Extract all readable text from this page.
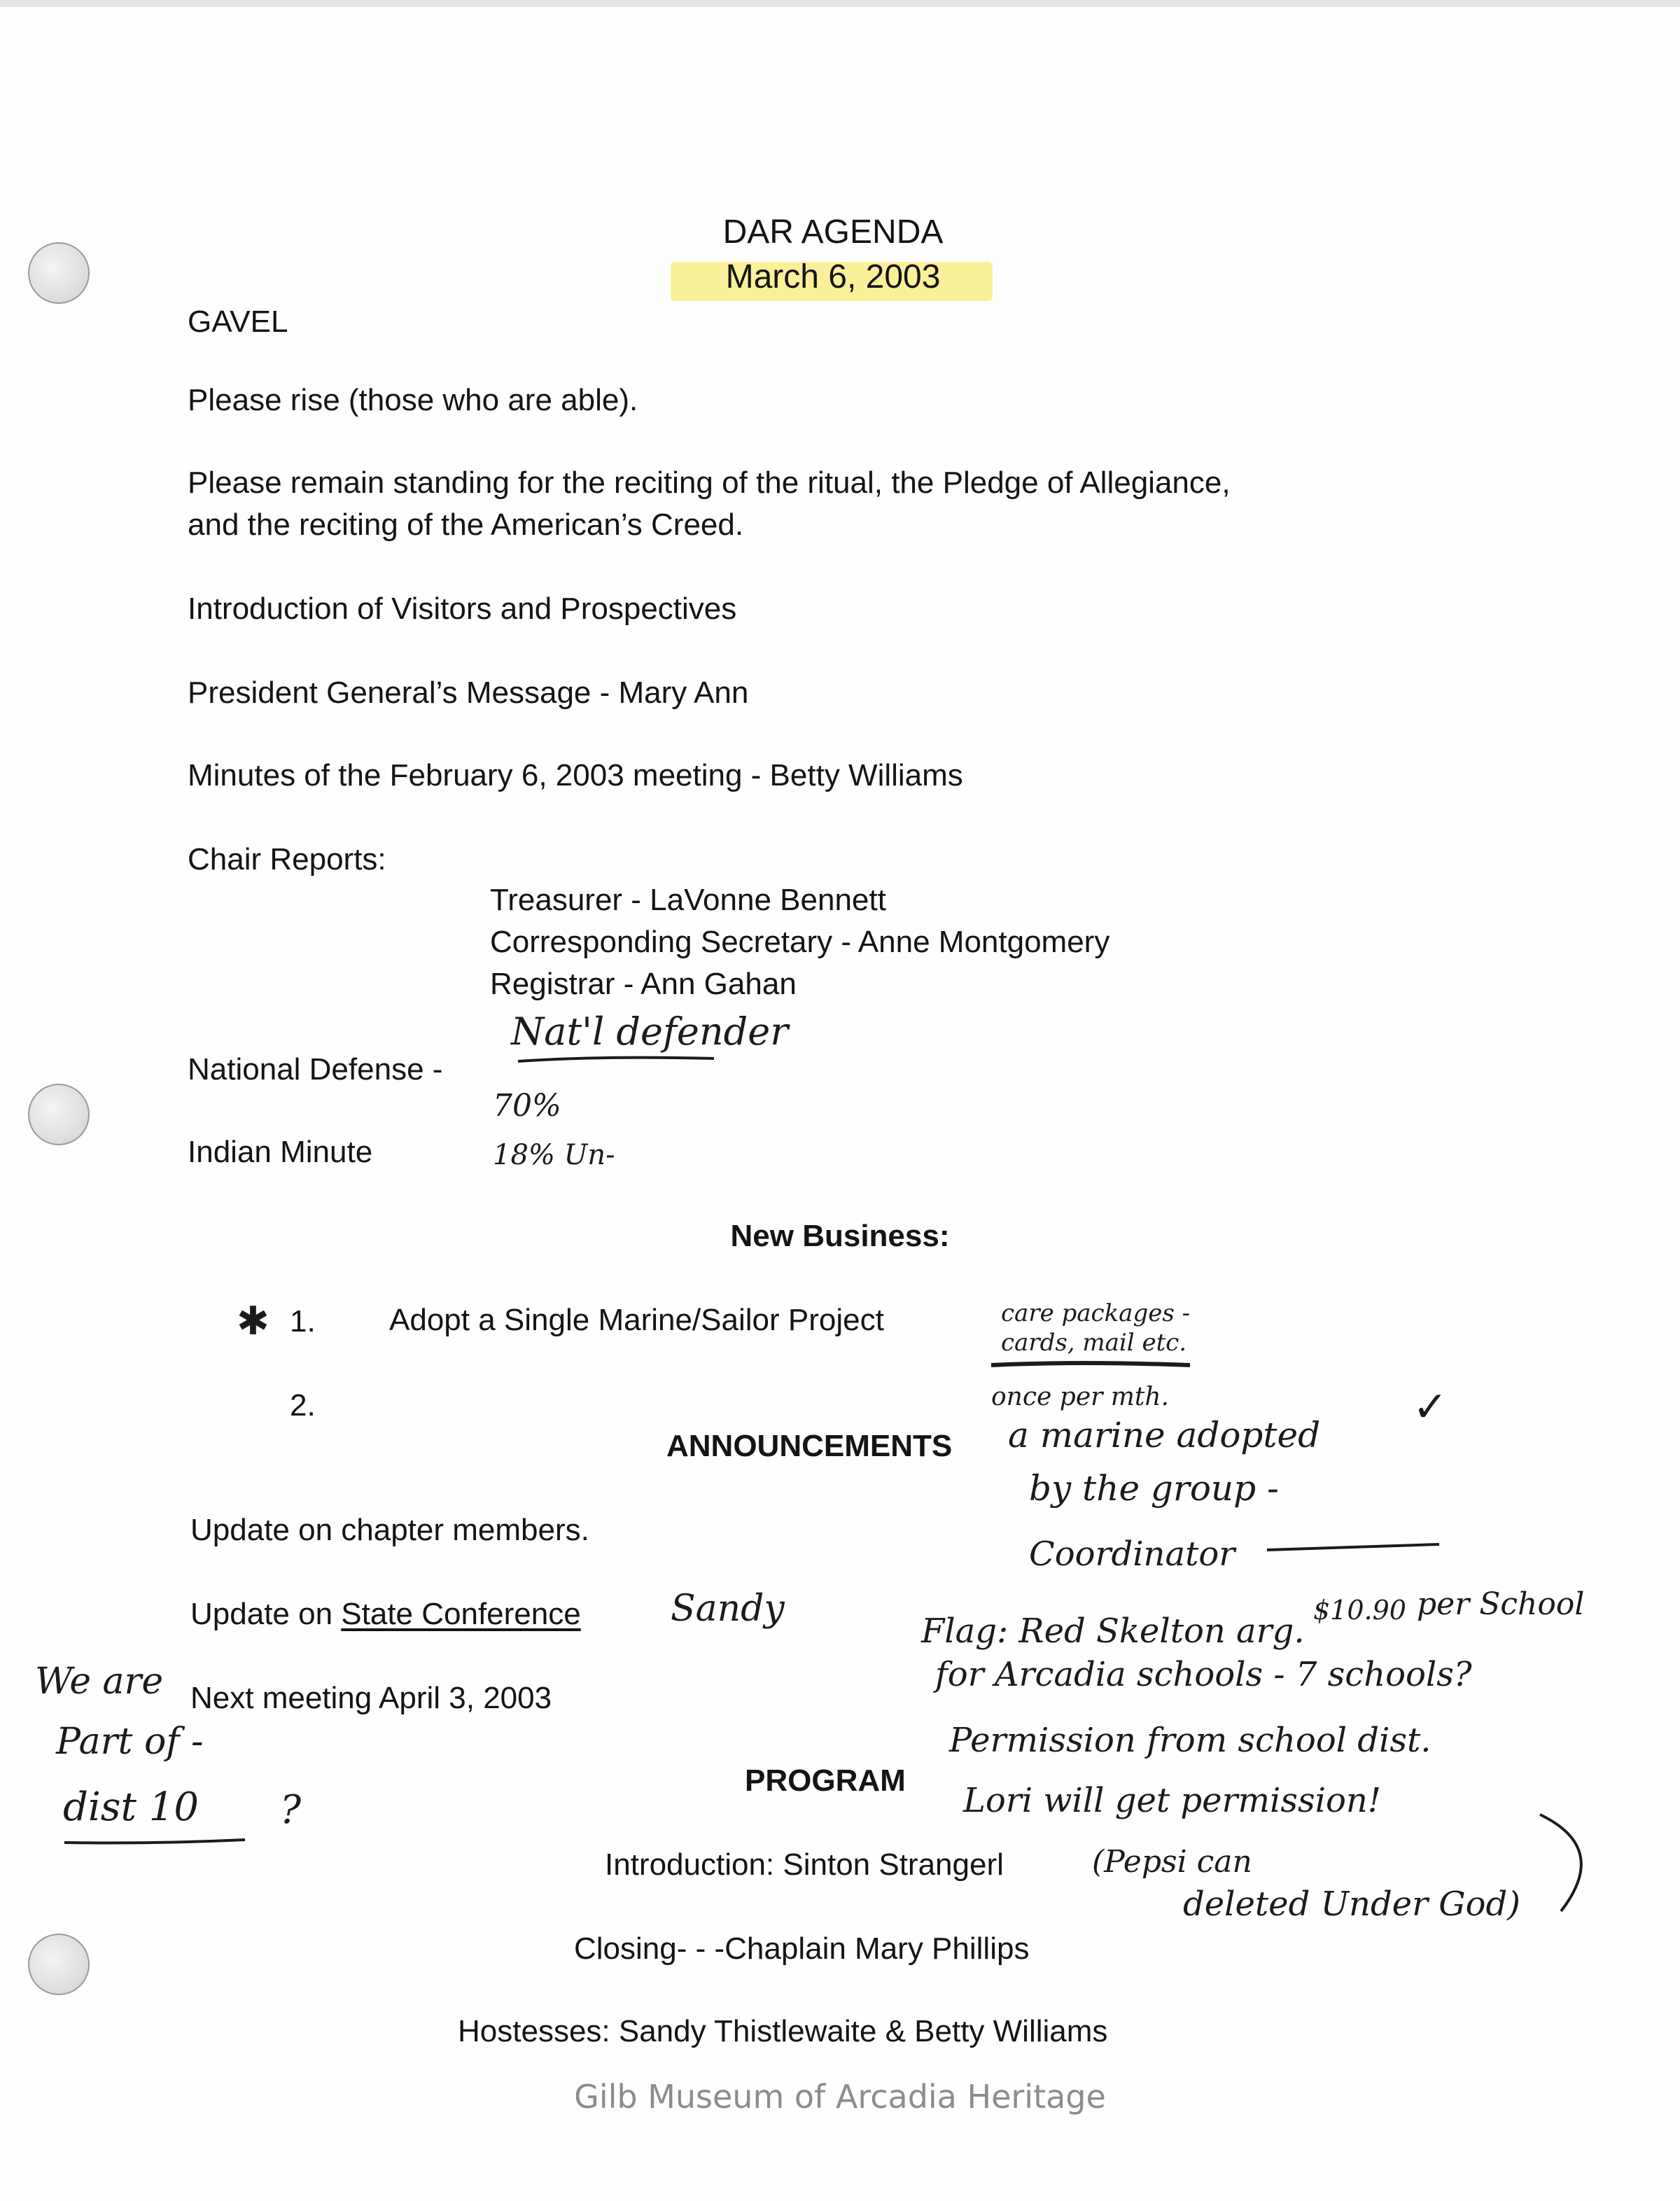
DAR AGENDA
March 6, 2003
GAVEL
Please rise (those who are able).
Please remain standing for the reciting of the ritual, the Pledge of Allegiance,
and the reciting of the American’s Creed.
Introduction of Visitors and Prospectives
President General’s Message - Mary Ann
Minutes of the February 6, 2003 meeting - Betty Williams
Chair Reports:
Treasurer - LaVonne Bennett
Corresponding Secretary - Anne Montgomery
Registrar - Ann Gahan
National Defense -
Indian Minute
New Business:
1. Adopt a Single Marine/Sailor Project
2.
ANNOUNCEMENTS
Update on chapter members.
Update on State Conference
Next meeting April 3, 2003
PROGRAM
Introduction: Sinton Strangerl
Closing- - -Chaplain Mary Phillips
Hostesses: Sandy Thistlewaite & Betty Williams
Nat'l defender
70%
18% Un-
✱	care packages -
cards, mail etc.
once per mth.
a marine adopted
✓
by the group -
Coordinator
Sandy
Flag: Red Skelton arg.
$10.90 per School
for Arcadia schools - 7 schools?
Permission from school dist.
Lori will get permission!
(Pepsi can
deleted Under God)
We are
Part of -
dist 10 ?
Gilb Museum of Arcadia Heritage
